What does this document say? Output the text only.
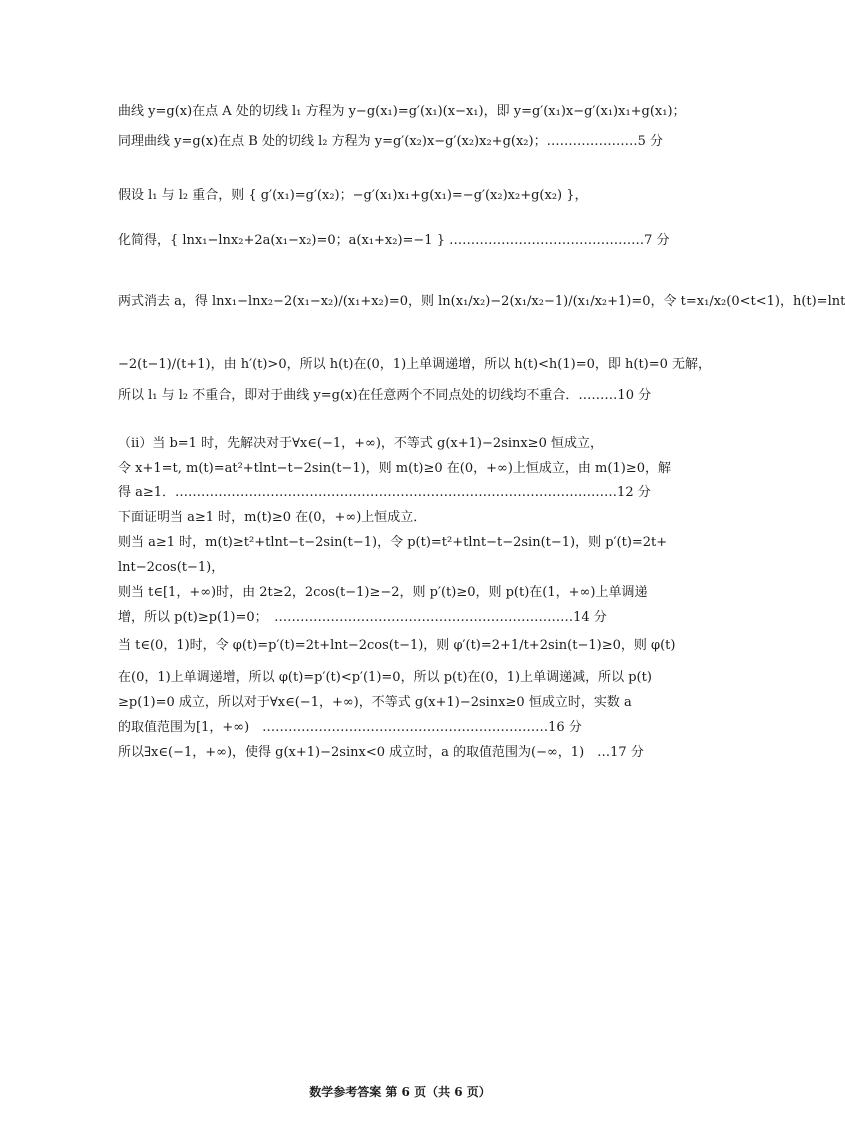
曲线 y=g(x)在点 A 处的切线 l₁ 方程为 y−g(x₁)=g′(x₁)(x−x₁)，即 y=g′(x₁)x−g′(x₁)x₁+g(x₁)；
同理曲线 y=g(x)在点 B 处的切线 l₂ 方程为 y=g′(x₂)x−g′(x₂)x₂+g(x₂)；…………………5 分
假设 l₁ 与 l₂ 重合，则 { g′(x₁)=g′(x₂)；−g′(x₁)x₁+g(x₁)=−g′(x₂)x₂+g(x₂) }，
化简得，{ lnx₁−lnx₂+2a(x₁−x₂)=0；a(x₁+x₂)=−1 } ………………………………………7 分
两式消去 a，得 lnx₁−lnx₂−2(x₁−x₂)/(x₁+x₂)=0，则 ln(x₁/x₂)−2(x₁/x₂−1)/(x₁/x₂+1)=0，令 t=x₁/x₂(0<t<1)，h(t)=lnt
−2(t−1)/(t+1)，由 h′(t)>0，所以 h(t)在(0，1)上单调递增，所以 h(t)<h(1)=0，即 h(t)=0 无解，
所以 l₁ 与 l₂ 不重合，即对于曲线 y=g(x)在任意两个不同点处的切线均不重合．………10 分
（ii）当 b=1 时，先解决对于∀x∈(−1，+∞)，不等式 g(x+1)−2sinx≥0 恒成立，
令 x+1=t, m(t)=at²+tlnt−t−2sin(t−1)，则 m(t)≥0 在(0，+∞)上恒成立，由 m(1)≥0，解
得 a≥1．…………………………………………………………………………………………12 分
下面证明当 a≥1 时，m(t)≥0 在(0，+∞)上恒成立．
则当 a≥1 时，m(t)≥t²+tlnt−t−2sin(t−1)，令 p(t)=t²+tlnt−t−2sin(t−1)，则 p′(t)=2t+
lnt−2cos(t−1)，
则当 t∈[1，+∞)时，由 2t≥2，2cos(t−1)≥−2，则 p′(t)≥0，则 p(t)在(1，+∞)上单调递
增，所以 p(t)≥p(1)=0；　……………………………………………………………14 分
当 t∈(0，1)时，令 φ(t)=p′(t)=2t+lnt−2cos(t−1)，则 φ′(t)=2+1/t+2sin(t−1)≥0，则 φ(t)
在(0，1)上单调递增，所以 φ(t)=p′(t)<p′(1)=0，所以 p(t)在(0，1)上单调递减，所以 p(t)
≥p(1)=0 成立，所以对于∀x∈(−1，+∞)，不等式 g(x+1)−2sinx≥0 恒成立时，实数 a
的取值范围为[1，+∞)　…………………………………………………………16 分
所以∃x∈(−1，+∞)，使得 g(x+1)−2sinx<0 成立时，a 的取值范围为(−∞，1)　…17 分
数学参考答案 第 6 页（共 6 页）
